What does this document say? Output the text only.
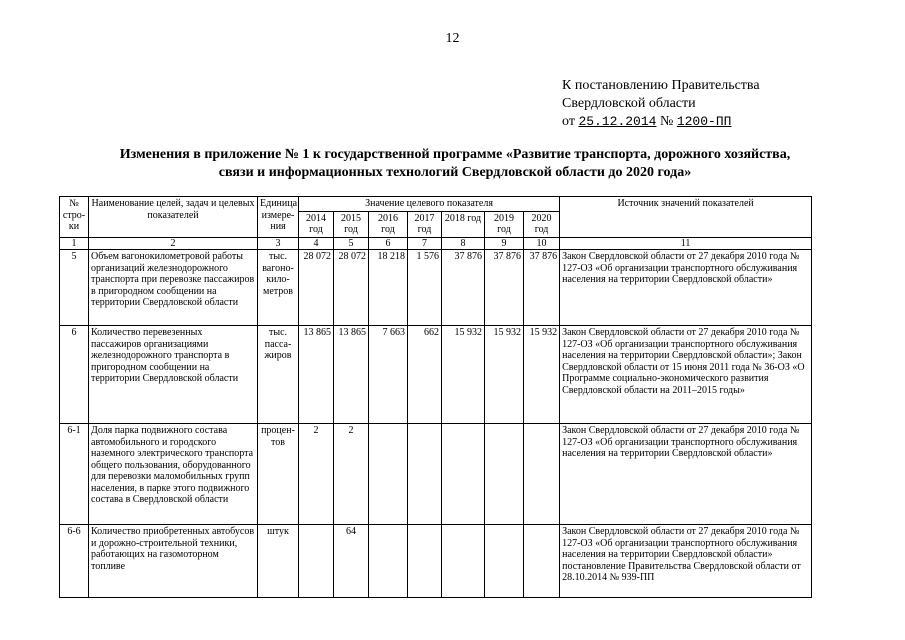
12
К постановлению Правительства
Свердловской области
от 25.12.2014 № 1200-ПП
Изменения в приложение № 1 к государственной программе «Развитие транспорта, дорожного хозяйства,
связи и информационных технологий Свердловской области до 2020 года»
№ стро-ки	Наименование целей, задач и целевых показателей	Единица измере-ния	Значение целевого показателя							Источник значений показателей
			2014 год	2015 год	2016 год	2017 год	2018 год	2019 год	2020 год	
1	2	3	4	5	6	7	8	9	10	11
5	Объем вагонокилометровой работы организаций железнодорожного транспорта при перевозке пассажиров в пригородном сообщении на территории Свердловской области	тыс. вагоно-кило-метров	28 072	28 072	18 218	1 576	37 876	37 876	37 876	Закон Свердловской области от 27 декабря 2010 года № 127-ОЗ «Об организации транспортного обслуживания населения на территории Свердловской области»
6	Количество перевезенных пассажиров организациями железнодорожного транспорта в пригородном сообщении на территории Свердловской области	тыс. пасса-жиров	13 865	13 865	7 663	662	15 932	15 932	15 932	Закон Свердловской области от 27 декабря 2010 года № 127-ОЗ «Об организации транспортного обслуживания населения на территории Свердловской области»; Закон Свердловской области от 15 июня 2011 года № 36-ОЗ «О Программе социально-экономического развития Свердловской области на 2011–2015 годы»
6-1	Доля парка подвижного состава автомобильного и городского наземного электрического транспорта общего пользования, оборудованного для перевозки маломобильных групп населения, в парке этого подвижного состава в Свердловской области	процен-тов	2	2						Закон Свердловской области от 27 декабря 2010 года № 127-ОЗ «Об организации транспортного обслуживания населения на территории Свердловской области»
6-6	Количество приобретенных автобусов и дорожно-строительной техники, работающих на газомоторном топливе	штук		64						Закон Свердловской области от 27 декабря 2010 года № 127-ОЗ «Об организации транспортного обслуживания населения на территории Свердловской области» постановление Правительства Свердловской области от 28.10.2014 № 939-ПП
